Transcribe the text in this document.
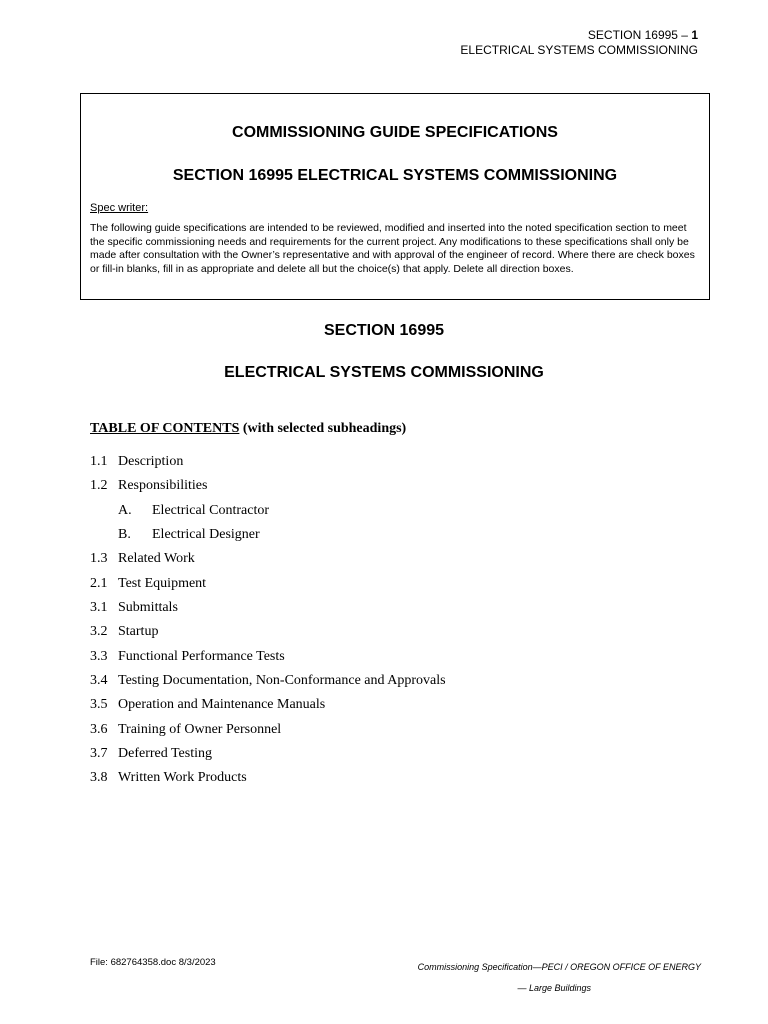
SECTION 16995 – 1
ELECTRICAL SYSTEMS COMMISSIONING
COMMISSIONING GUIDE SPECIFICATIONS
SECTION 16995 ELECTRICAL SYSTEMS COMMISSIONING
Spec writer:
The following guide specifications are intended to be reviewed, modified and inserted into the noted specification section to meet the specific commissioning needs and requirements for the current project. Any modifications to these specifications shall only be made after consultation with the Owner’s representative and with approval of the engineer of record. Where there are check boxes or fill-in blanks, fill in as appropriate and delete all but the choice(s) that apply. Delete all direction boxes.
SECTION 16995
ELECTRICAL SYSTEMS COMMISSIONING
TABLE OF CONTENTS (with selected subheadings)
1.1 Description
1.2 Responsibilities
A. Electrical Contractor
B. Electrical Designer
1.3 Related Work
2.1 Test Equipment
3.1 Submittals
3.2 Startup
3.3 Functional Performance Tests
3.4 Testing Documentation, Non-Conformance and Approvals
3.5 Operation and Maintenance Manuals
3.6 Training of Owner Personnel
3.7 Deferred Testing
3.8 Written Work Products
File: 682764358.doc 8/3/2023	Commissioning Specification—PECI / OREGON OFFICE OF ENERGY
— Large Buildings
